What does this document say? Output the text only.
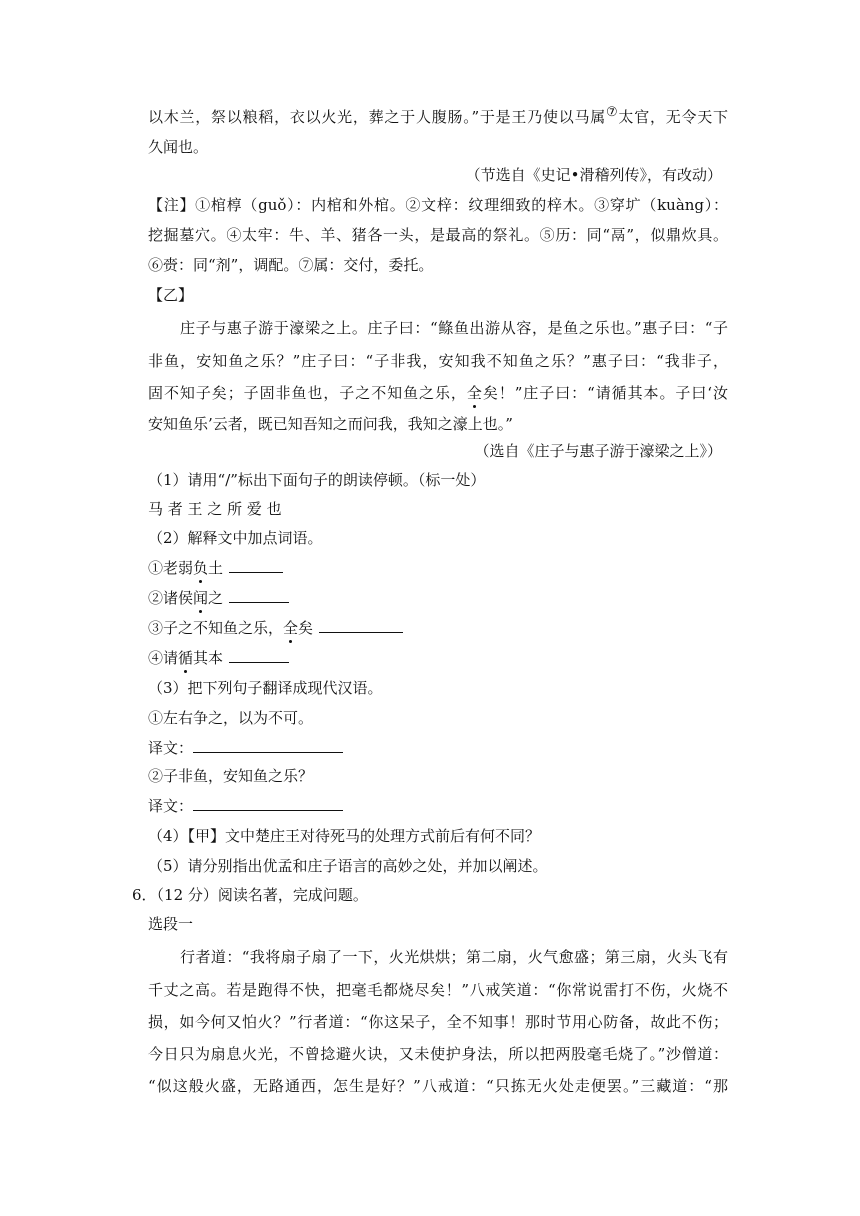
以木兰，祭以粮稻，衣以火光，葬之于人腹肠。”于是王乃使以马属⑦太官，无令天下
久闻也。
（节选自《史记•滑稽列传》，有改动）
【注】①棺椁（guǒ）：内棺和外棺。②文梓：纹理细致的梓木。③穿圹（kuàng）：
挖掘墓穴。④太牢：牛、羊、猪各一头，是最高的祭礼。⑤历：同“鬲”，似鼎炊具。
⑥赍：同“剂”，调配。⑦属：交付，委托。
【乙】
庄子与惠子游于濠梁之上。庄子曰：“鲦鱼出游从容，是鱼之乐也。”惠子曰：“子
非鱼，安知鱼之乐？”庄子曰：“子非我，安知我不知鱼之乐？”惠子曰：“我非子，
固不知子矣；子固非鱼也，子之不知鱼之乐，全矣！”庄子曰：“请循其本。子曰‘汝
安知鱼乐’云者，既已知吾知之而问我，我知之濠上也。”
（选自《庄子与惠子游于濠梁之上》）
（1）请用“/”标出下面句子的朗读停顿。（标一处）
马 者 王 之 所 爱 也
（2）解释文中加点词语。
①老弱负土
②诸侯闻之
③子之不知鱼之乐，全矣
④请循其本
（3）把下列句子翻译成现代汉语。
①左右争之，以为不可。
译文：
②子非鱼，安知鱼之乐？
译文：
（4）【甲】文中楚庄王对待死马的处理方式前后有何不同？
（5）请分别指出优孟和庄子语言的高妙之处，并加以阐述。
6．（12 分）阅读名著，完成问题。
选段一
行者道：“我将扇子扇了一下，火光烘烘；第二扇，火气愈盛；第三扇，火头飞有
千丈之高。若是跑得不快，把毫毛都烧尽矣！”八戒笑道：“你常说雷打不伤，火烧不
损，如今何又怕火？”行者道：“你这呆子，全不知事！那时节用心防备，故此不伤；
今日只为扇息火光，不曾捻避火诀，又未使护身法，所以把两股毫毛烧了。”沙僧道：
“似这般火盛，无路通西，怎生是好？”八戒道：“只拣无火处走便罢。”三藏道：“那
